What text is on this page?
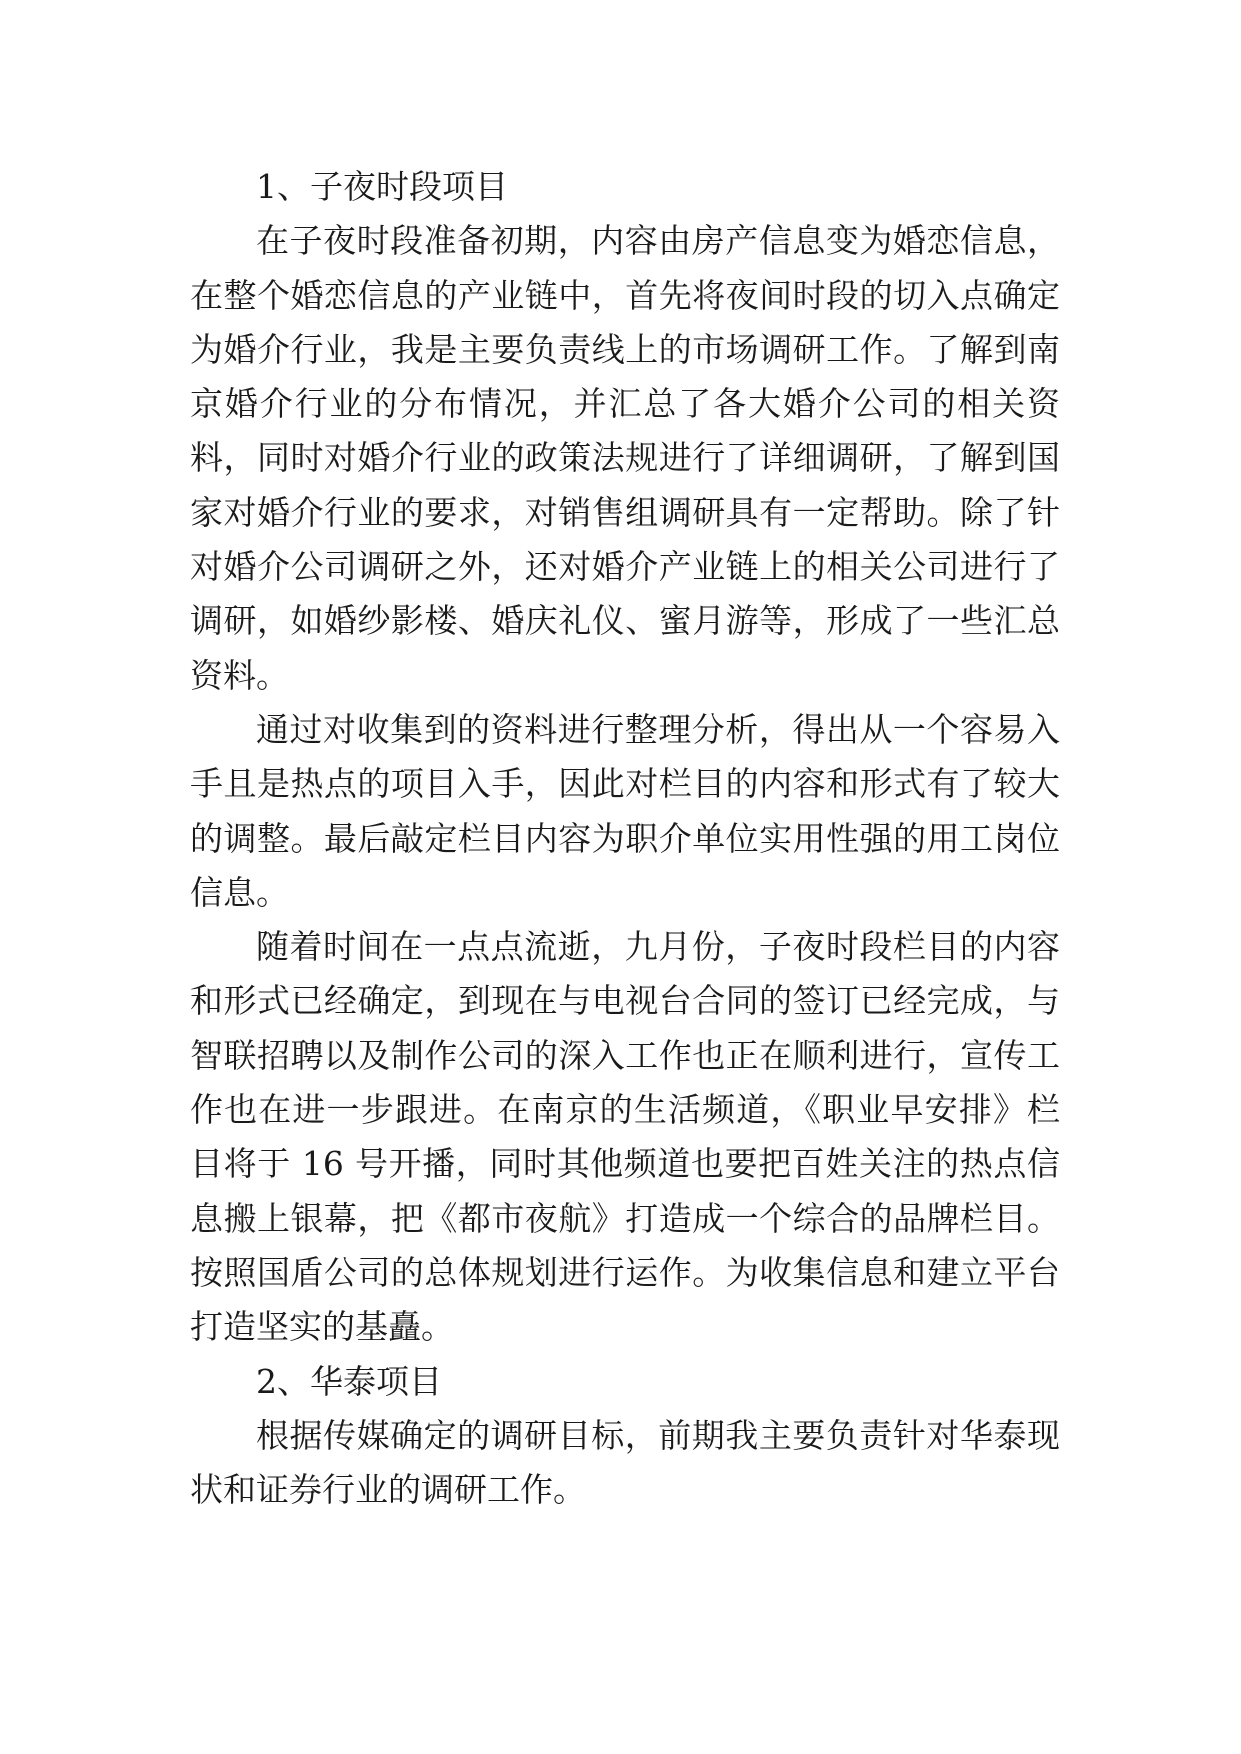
1、子夜时段项目

在子夜时段准备初期，内容由房产信息变为婚恋信息，在整个婚恋信息的产业链中，首先将夜间时段的切入点确定为婚介行业，我是主要负责线上的市场调研工作。了解到南京婚介行业的分布情况，并汇总了各大婚介公司的相关资料，同时对婚介行业的政策法规进行了详细调研，了解到国家对婚介行业的要求，对销售组调研具有一定帮助。除了针对婚介公司调研之外，还对婚介产业链上的相关公司进行了调研，如婚纱影楼、婚庆礼仪、蜜月游等，形成了一些汇总资料。

通过对收集到的资料进行整理分析，得出从一个容易入手且是热点的项目入手，因此对栏目的内容和形式有了较大的调整。最后敲定栏目内容为职介单位实用性强的用工岗位信息。

随着时间在一点点流逝，九月份，子夜时段栏目的内容和形式已经确定，到现在与电视台合同的签订已经完成，与智联招聘以及制作公司的深入工作也正在顺利进行，宣传工作也在进一步跟进。在南京的生活频道，《职业早安排》栏目将于 16 号开播，同时其他频道也要把百姓关注的热点信息搬上银幕，把《都市夜航》打造成一个综合的品牌栏目。按照国盾公司的总体规划进行运作。为收集信息和建立平台打造坚实的基矗。

2、华泰项目

根据传媒确定的调研目标，前期我主要负责针对华泰现状和证券行业的调研工作。
